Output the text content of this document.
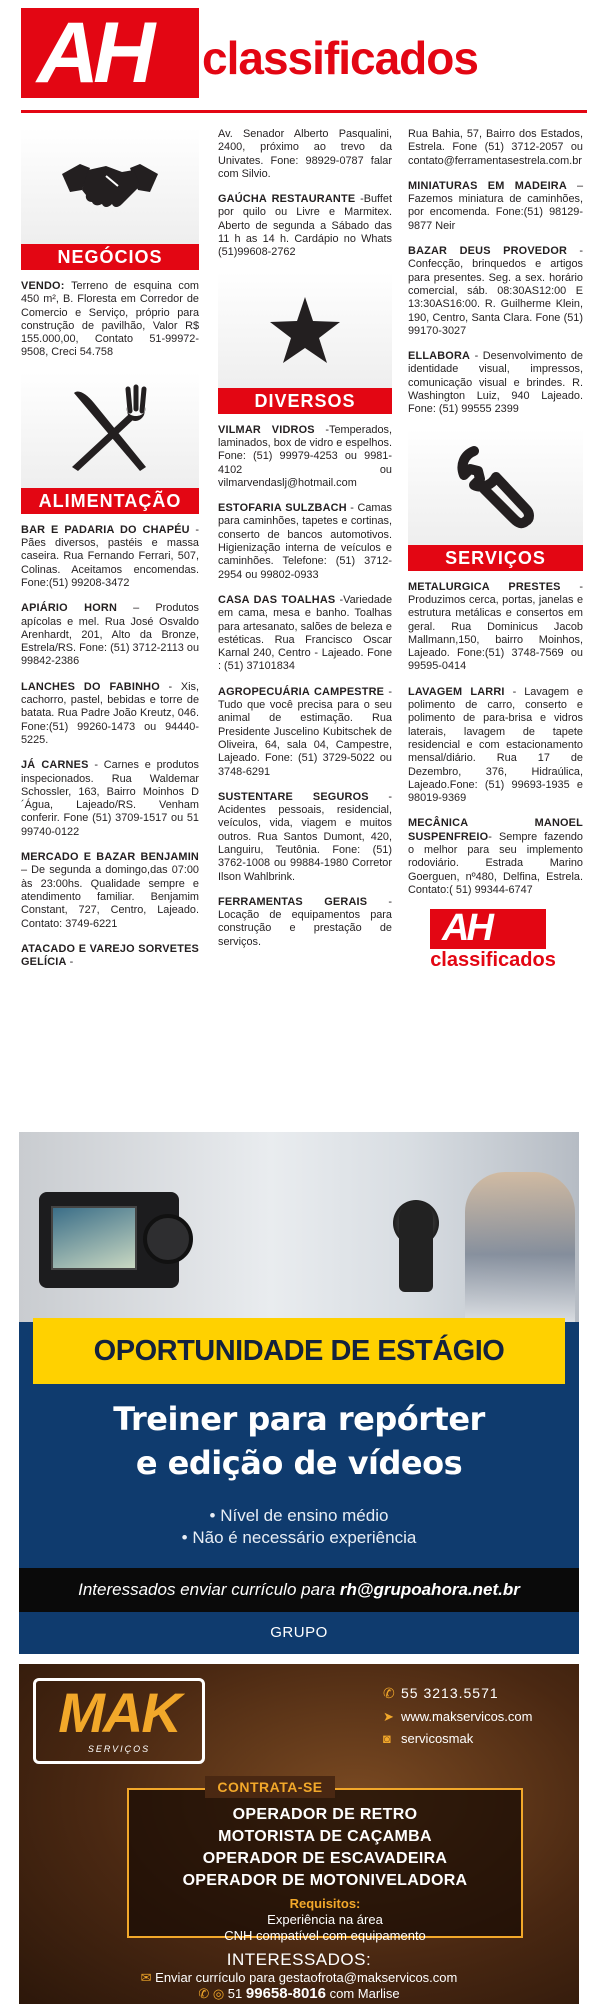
AH classificados
NEGÓCIOS

VENDO: Terreno de esquina com 450 m², B. Floresta em Corredor de Comercio e Serviço, próprio para construção de pavilhão, Valor R$ 155.000,00, Contato 51-99972-9508, Creci 54.758

ALIMENTAÇÃO

BAR E PADARIA DO CHAPÉU - Pães diversos, pastéis e massa caseira. Rua Fernando Ferrari, 507, Colinas. Aceitamos encomendas. Fone:(51) 99208-3472

APIÁRIO HORN – Produtos apícolas e mel. Rua José Osvaldo Arenhardt, 201, Alto da Bronze, Estrela/RS. Fone: (51) 3712-2113 ou 99842-2386

LANCHES DO FABINHO - Xis, cachorro, pastel, bebidas e torre de batata. Rua Padre João Kreutz, 046. Fone:(51) 99260-1473 ou 94440-5225.

JÁ CARNES - Carnes e produtos inspecionados. Rua Waldemar Schossler, 163, Bairro Moinhos D´Água, Lajeado/RS. Venham conferir. Fone (51) 3709-1517 ou 51 99740-0122

MERCADO E BAZAR BENJAMIN – De segunda a domingo,das 07:00 às 23:00hs. Qualidade sempre e atendimento familiar. Benjamim Constant, 727, Centro, Lajeado. Contato: 3749-6221

ATACADO E VAREJO SORVETES GELÍCIA -

Av. Senador Alberto Pasqualini, 2400, próximo ao trevo da Univates. Fone: 98929-0787 falar com Silvio.

GAÚCHA RESTAURANTE -Buffet por quilo ou Livre e Marmitex. Aberto de segunda a Sábado das 11 h as 14 h. Cardápio no Whats (51)99608-2762

DIVERSOS

VILMAR VIDROS -Temperados, laminados, box de vidro e espelhos. Fone: (51) 99979-4253 ou 9981-4102 ou vilmarvendaslj@hotmail.com

ESTOFARIA SULZBACH - Camas para caminhões, tapetes e cortinas, conserto de bancos automotivos. Higienização interna de veículos e caminhões. Telefone: (51) 3712-2954 ou 99802-0933

CASA DAS TOALHAS -Variedade em cama, mesa e banho. Toalhas para artesanato, salões de beleza e estéticas. Rua Francisco Oscar Karnal 240, Centro - Lajeado. Fone : (51) 37101834

AGROPECUÁRIA CAMPESTRE -Tudo que você precisa para o seu animal de estimação. Rua Presidente Juscelino Kubitschek de Oliveira, 64, sala 04, Campestre, Lajeado. Fone: (51) 3729-5022 ou 3748-6291

SUSTENTARE SEGUROS - Acidentes pessoais, residencial, veículos, vida, viagem e muitos outros. Rua Santos Dumont, 420, Languiru, Teutônia. Fone: (51) 3762-1008 ou 99884-1980 Corretor Ilson Wahlbrink.

FERRAMENTAS GERAIS - Locação de equipamentos para construção e prestação de serviços.

Rua Bahia, 57, Bairro dos Estados, Estrela. Fone (51) 3712-2057 ou contato@ferramentasestrela.com.br

MINIATURAS EM MADEIRA – Fazemos miniatura de caminhões, por encomenda. Fone:(51) 98129-9877 Neir

BAZAR DEUS PROVEDOR -Confecção, brinquedos e artigos para presentes. Seg. a sex. horário comercial, sáb. 08:30AS12:00 E 13:30AS16:00. R. Guilherme Klein, 190, Centro, Santa Clara. Fone (51) 99170-3027

ELLABORA - Desenvolvimento de identidade visual, impressos, comunicação visual e brindes. R. Washington Luiz, 940 Lajeado. Fone: (51) 99555 2399

SERVIÇOS

METALURGICA PRESTES - Produzimos cerca, portas, janelas e estrutura metálicas e consertos em geral. Rua Dominicus Jacob Mallmann,150, bairro Moinhos, Lajeado. Fone:(51) 3748-7569 ou 99595-0414

LAVAGEM LARRI - Lavagem e polimento de carro, conserto e polimento de para-brisa e vidros laterais, lavagem de tapete residencial e com estacionamento mensal/diário. Rua 17 de Dezembro, 376, Hidraúlica, Lajeado.Fone: (51) 99693-1935 e 98019-9369

MECÂNICA MANOEL SUSPENFREIO- Sempre fazendo o melhor para seu implemento rodoviário. Estrada Marino Goerguen, nº480, Delfina, Estrela. Contato:( 51) 99344-6747

AH
classificados
OPORTUNIDADE DE ESTÁGIO
Treiner para repórter
e edição de vídeos
• Nível de ensino médio
• Não é necessário experiência
Interessados enviar currículo para rh@grupoahora.net.br
GRUPO
MAK
SERVIÇOS
✆ 55 3213.5571
➤ www.makservicos.com
◙ servicosmak
CONTRATA-SE
OPERADOR DE RETRO
MOTORISTA DE CAÇAMBA
OPERADOR DE ESCAVADEIRA
OPERADOR DE MOTONIVELADORA
Requisitos:
Experiência na área
CNH compatível com equipamento
INTERESSADOS:
✉ Enviar currículo para gestaofrota@makservicos.com
✆ ◎ 51 99658-8016 com Marlise
